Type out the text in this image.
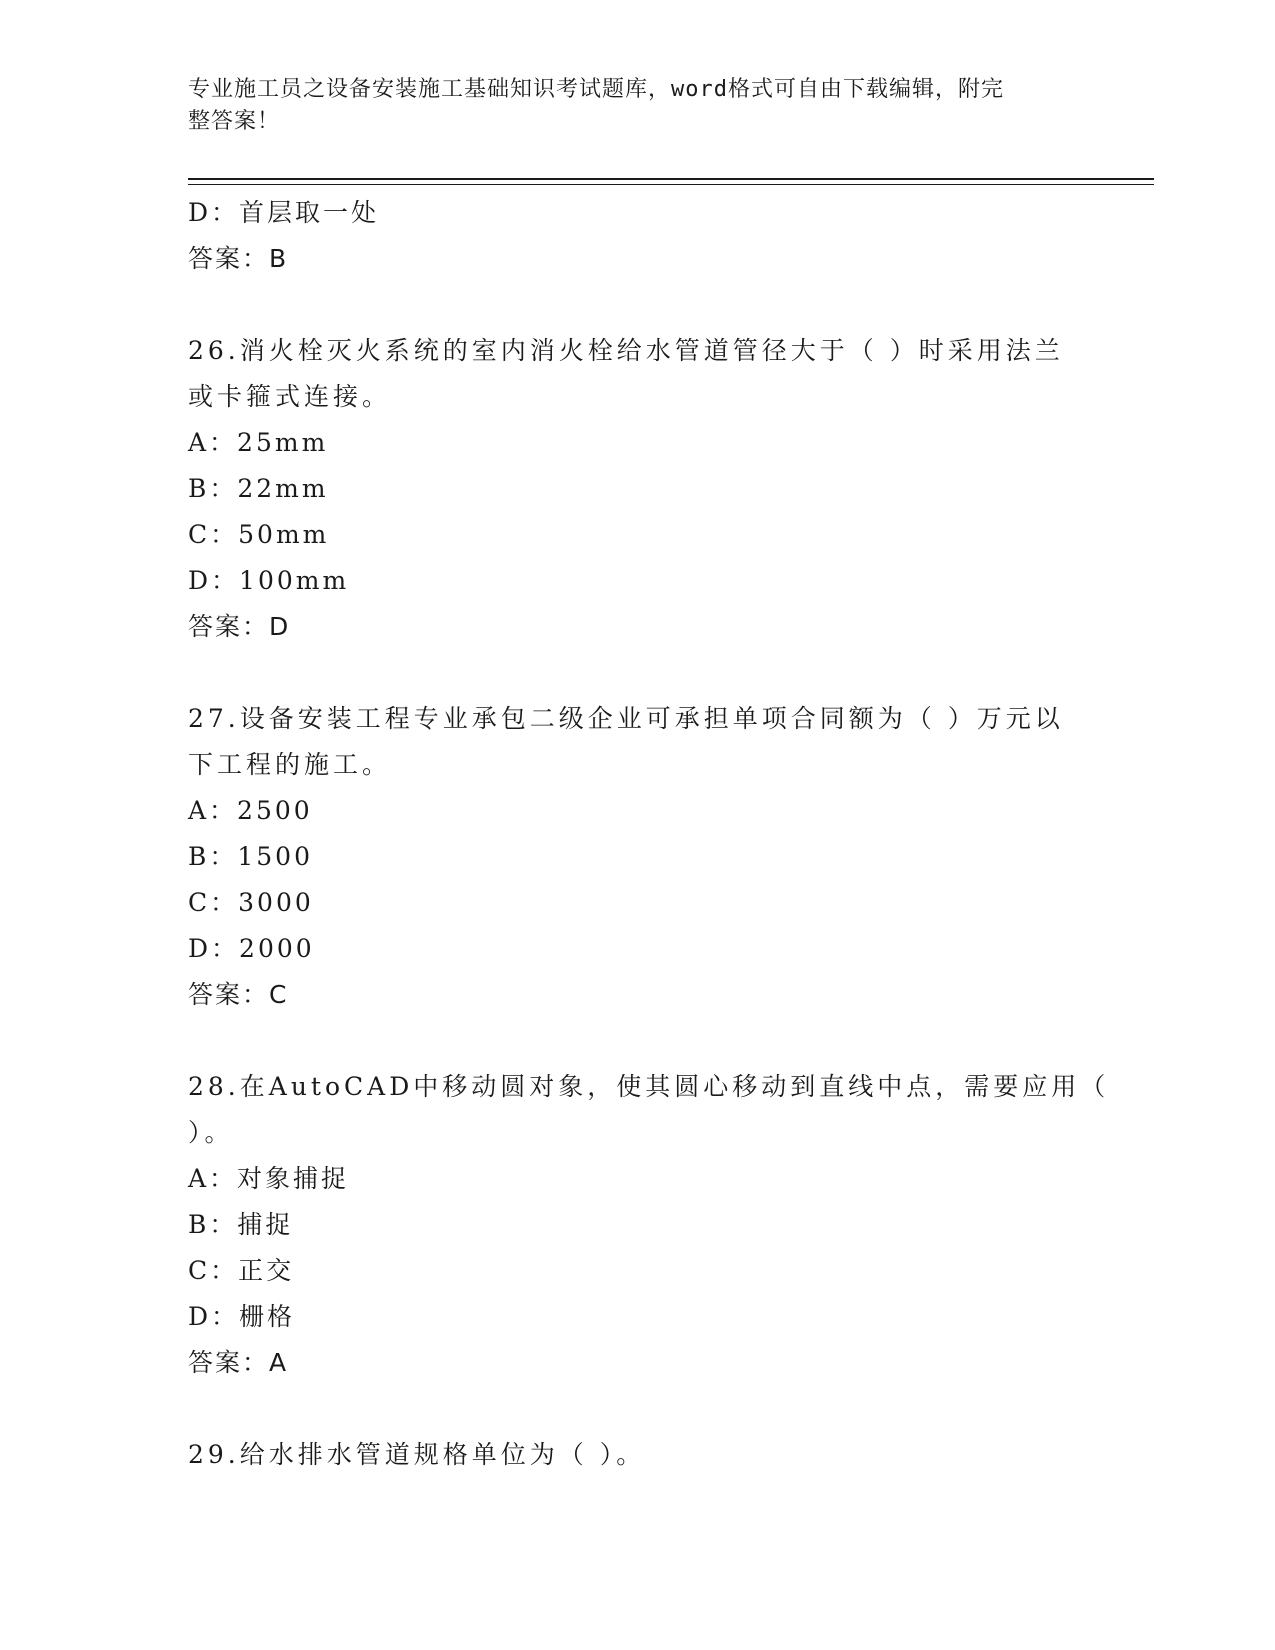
专业施工员之设备安装施工基础知识考试题库，word格式可自由下载编辑，附完
整答案！
D：首层取一处
答案：B
26.消火栓灭火系统的室内消火栓给水管道管径大于（ ）时采用法兰
或卡箍式连接。
A：25mm
B：22mm
C：50mm
D：100mm
答案：D
27.设备安装工程专业承包二级企业可承担单项合同额为（ ）万元以
下工程的施工。
A：2500
B：1500
C：3000
D：2000
答案：C
28.在AutoCAD中移动圆对象，使其圆心移动到直线中点，需要应用（
）。
A：对象捕捉
B：捕捉
C：正交
D：栅格
答案：A
29.给水排水管道规格单位为（ ）。
